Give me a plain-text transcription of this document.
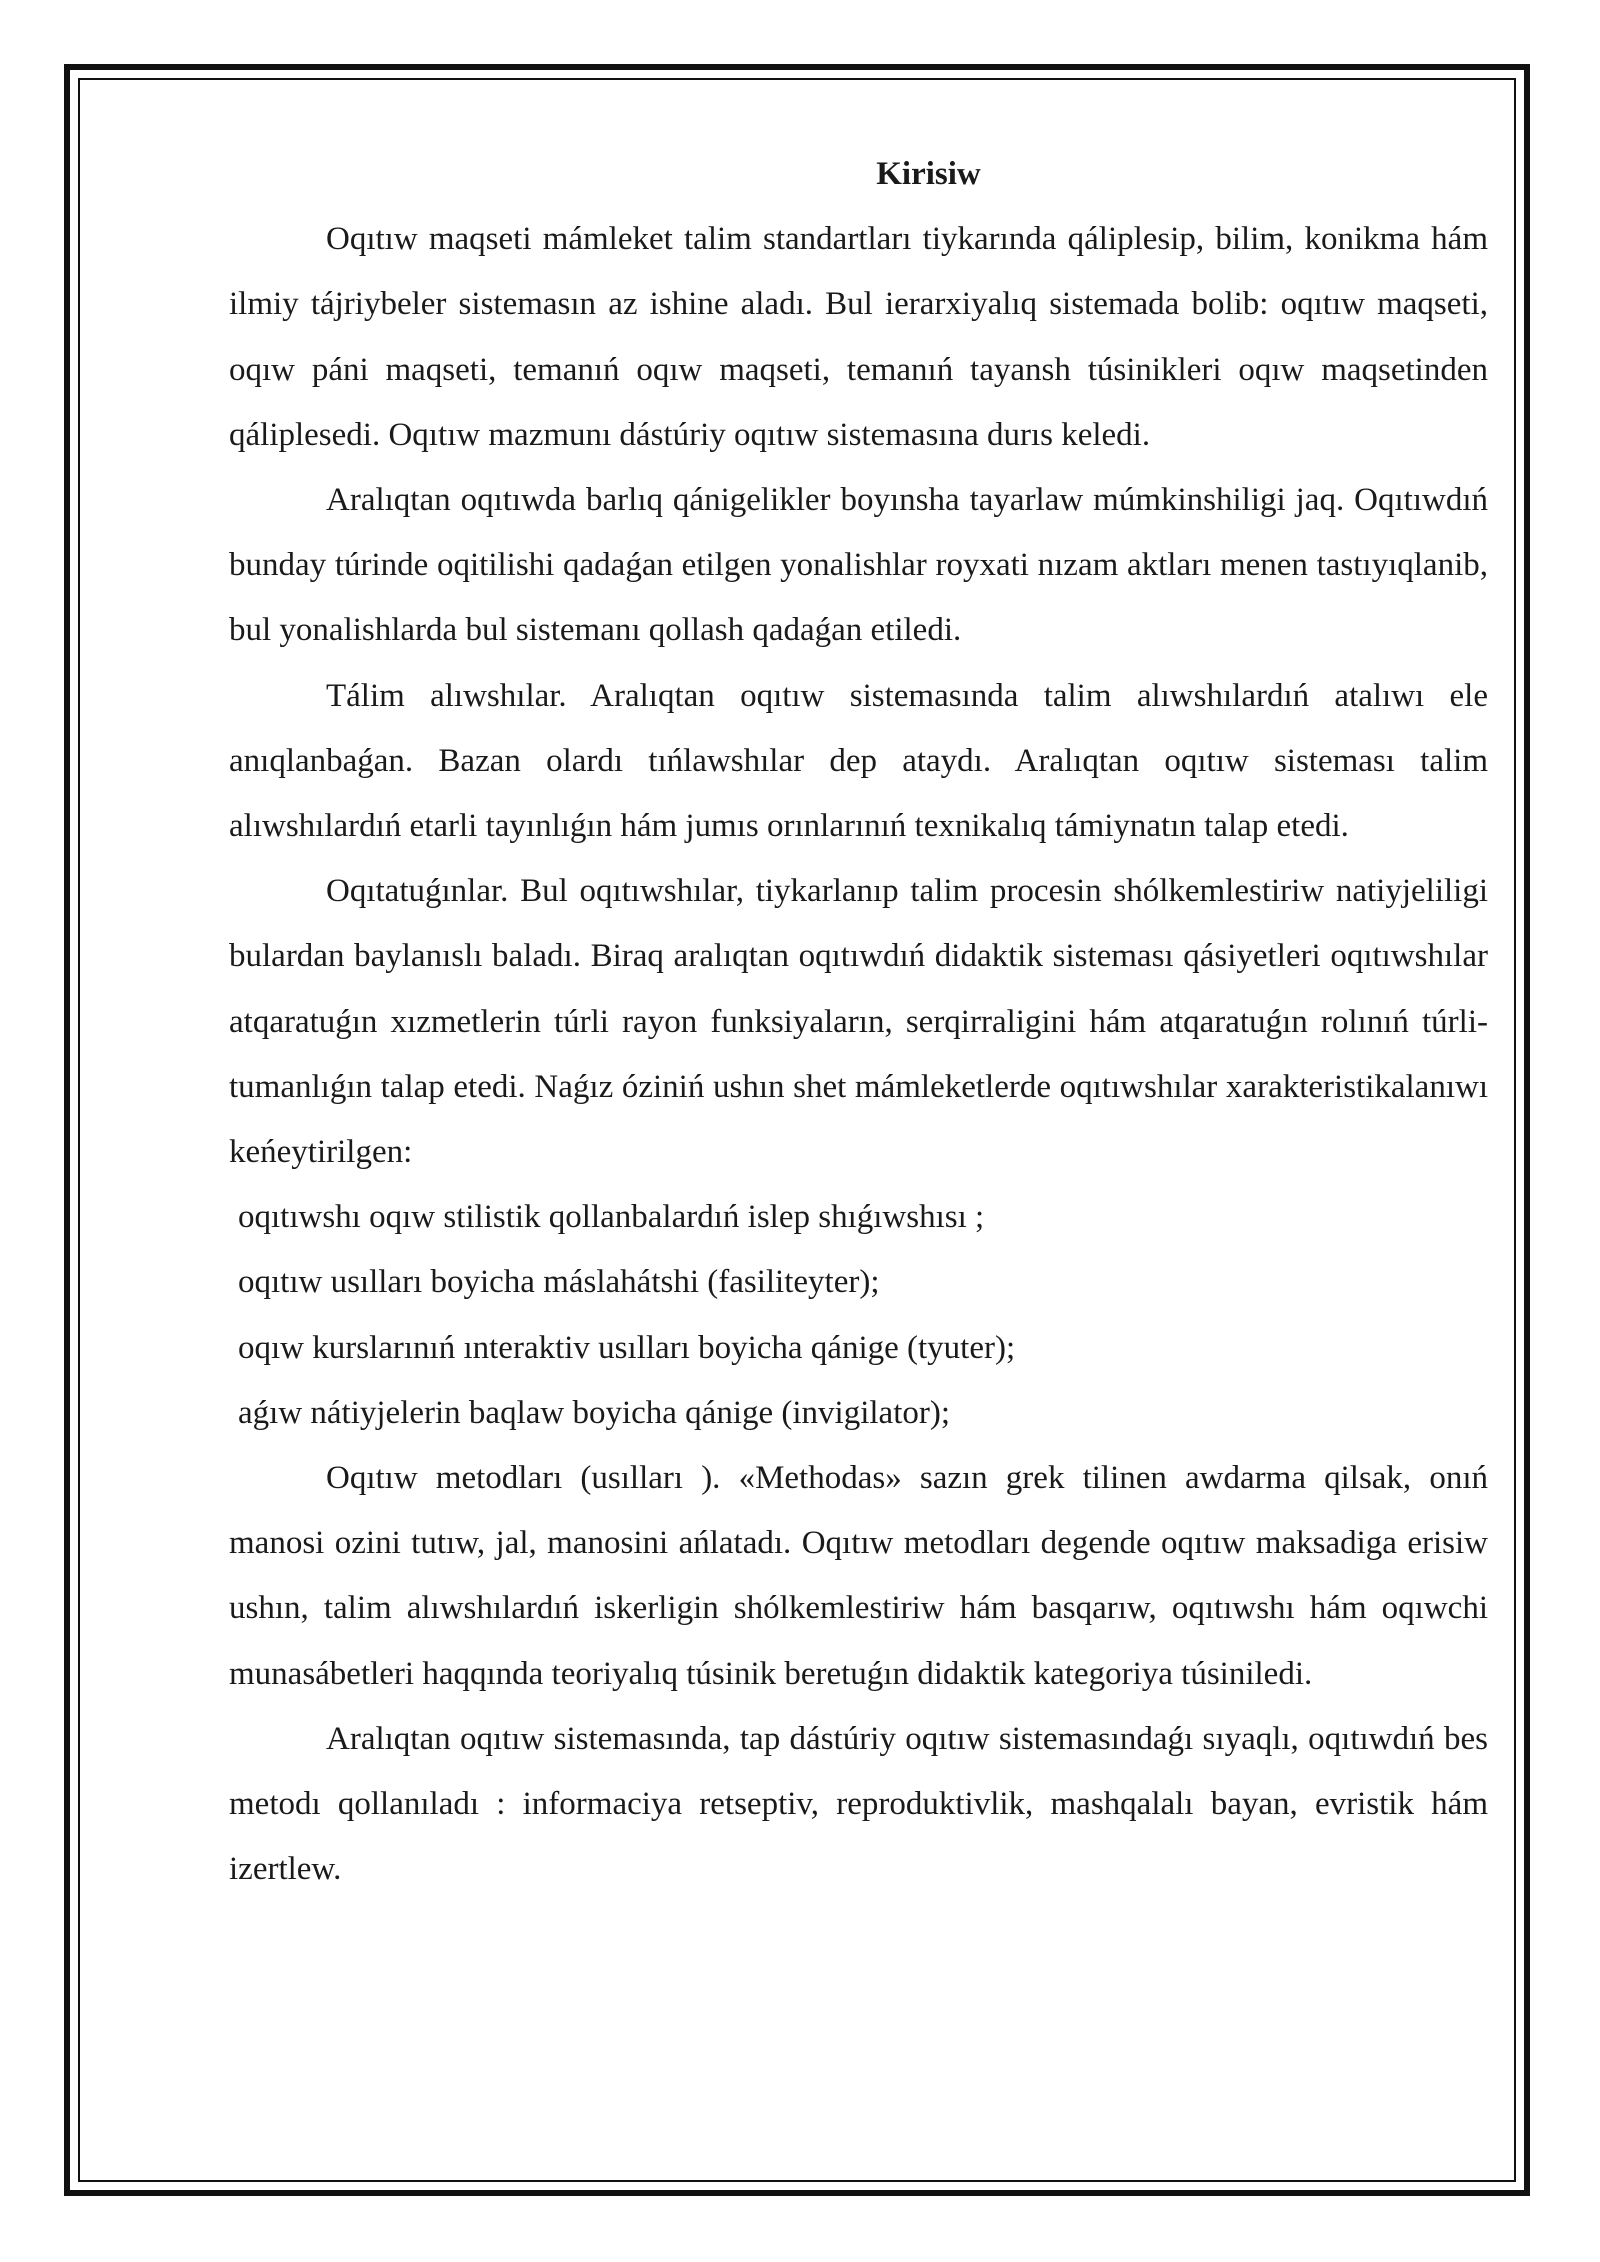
Kirisiw

Oqıtıw maqseti mámleket talim standartları tiykarında qáliplesip, bilim, konikma hám ilmiy tájriybeler sistemasın az ishine aladı. Bul ierarxiyalıq sistemada bolib: oqıtıw maqseti, oqıw páni maqseti, temanıń oqıw maqseti, temanıń tayansh túsinikleri oqıw maqsetinden qáliplesedi. Oqıtıw mazmunı dástúriy oqıtıw sistemasına durıs keledi.

Aralıqtan oqıtıwda barlıq qánigelikler boyınsha tayarlaw múmkinshiligi jaq. Oqıtıwdıń bunday túrinde oqitilishi qadaǵan etilgen yonalishlar royxati nızam aktları menen tastıyıqlanib, bul yonalishlarda bul sistemanı qollash qadaǵan etiledi.

Tálim alıwshılar. Aralıqtan oqıtıw sistemasında talim alıwshılardıń atalıwı ele anıqlanbaǵan. Bazan olardı tıńlawshılar dep ataydı. Aralıqtan oqıtıw sisteması talim alıwshılardıń etarli tayınlıǵın hám jumıs orınlarınıń texnikalıq támiynatın talap etedi.

Oqıtatuǵınlar. Bul oqıtıwshılar, tiykarlanıp talim procesin shólkemlestiriw natiyjeliligi bulardan baylanıslı baladı. Biraq aralıqtan oqıtıwdıń didaktik sisteması qásiyetleri oqıtıwshılar atqaratuǵın xızmetlerin túrli rayon funksiyaların, serqirraligini hám atqaratuǵın rolınıń túrli-tumanlıǵın talap etedi. Naǵız óziniń ushın shet mámleketlerde oqıtıwshılar xarakteristikalanıwı keńeytirilgen:

oqıtıwshı oqıw stilistik qollanbalardıń islep shıǵıwshısı ;

oqıtıw usılları boyicha máslahátshi (fasiliteyter);

oqıw kurslarınıń ınteraktiv usılları boyicha qánige (tyuter);

aǵıw nátiyjelerin baqlaw boyicha qánige (invigilator);

Oqıtıw metodları (usılları ). «Methodas» sazın grek tilinen awdarma qilsak, onıń manosi ozini tutıw, jal, manosini ańlatadı. Oqıtıw metodları degende oqıtıw maksadiga erisiw ushın, talim alıwshılardıń iskerligin shólkemlestiriw hám basqarıw, oqıtıwshı hám oqıwchi munasábetleri haqqında teoriyalıq túsinik beretuǵın didaktik kategoriya túsiniledi.

Aralıqtan oqıtıw sistemasında, tap dástúriy oqıtıw sistemasındaǵı sıyaqlı, oqıtıwdıń bes metodı qollanıladı : informaciya retseptiv, reproduktivlik, mashqalalı bayan, evristik hám izertlew.
